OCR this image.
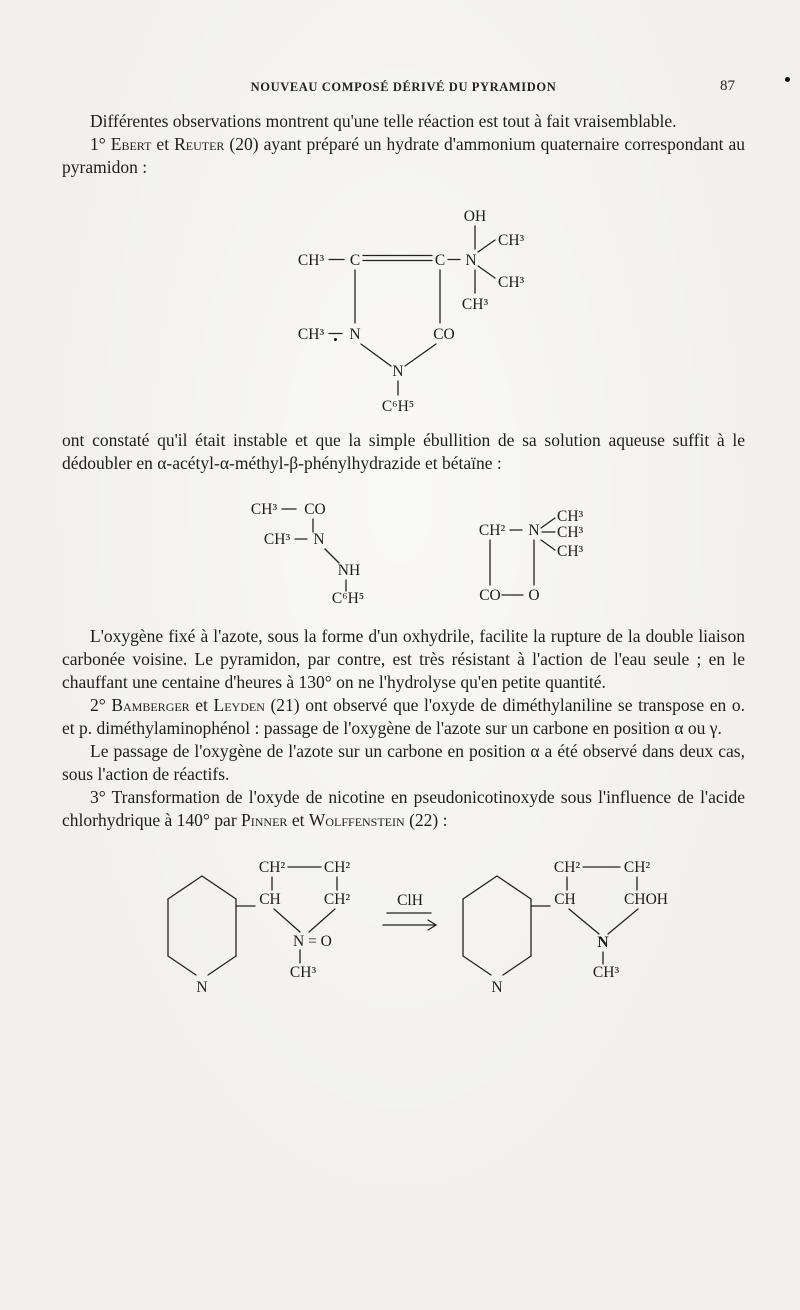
NOUVEAU COMPOSÉ DÉRIVÉ DU PYRAMIDON	87

Différentes observations montrent qu'une telle réaction est tout à fait vraisemblable.

1° Ebert et Reuter (20) ayant préparé un hydrate d'ammonium quaternaire correspondant au pyramidon :

OH
CH³ C	C N
CH³
CH³
CH³
CH³ N	CO
N
C⁶H⁵

ont constaté qu'il était instable et que la simple ébullition de sa solution aqueuse suffit à le dédoubler en α-acétyl-α-méthyl-β-phénylhydrazide et bétaïne :

CH³ CO
CH³ N
NH
C⁶H⁵
CH² N
CH³
CH³
CH³
CO O

L'oxygène fixé à l'azote, sous la forme d'un oxhydrile, facilite la rupture de la double liaison carbonée voisine. Le pyramidon, par contre, est très résistant à l'action de l'eau seule ; en le chauffant une centaine d'heures à 130° on ne l'hydrolyse qu'en petite quantité.

2° Bamberger et Leyden (21) ont observé que l'oxyde de diméthylaniline se transpose en o. et p. diméthylaminophénol : passage de l'oxygène de l'azote sur un carbone en position α ou γ.

Le passage de l'oxygène de l'azote sur un carbone en position α a été observé dans deux cas, sous l'action de réactifs.

3° Transformation de l'oxyde de nicotine en pseudonicotinoxyde sous l'influence de l'acide chlorhydrique à 140° par Pinner et Wolffenstein (22) :

N
CH²	CH²
CH	CH²
N = O
CH³
ClH
N
CH²	CH²
CH	CHOH
N
CH³
